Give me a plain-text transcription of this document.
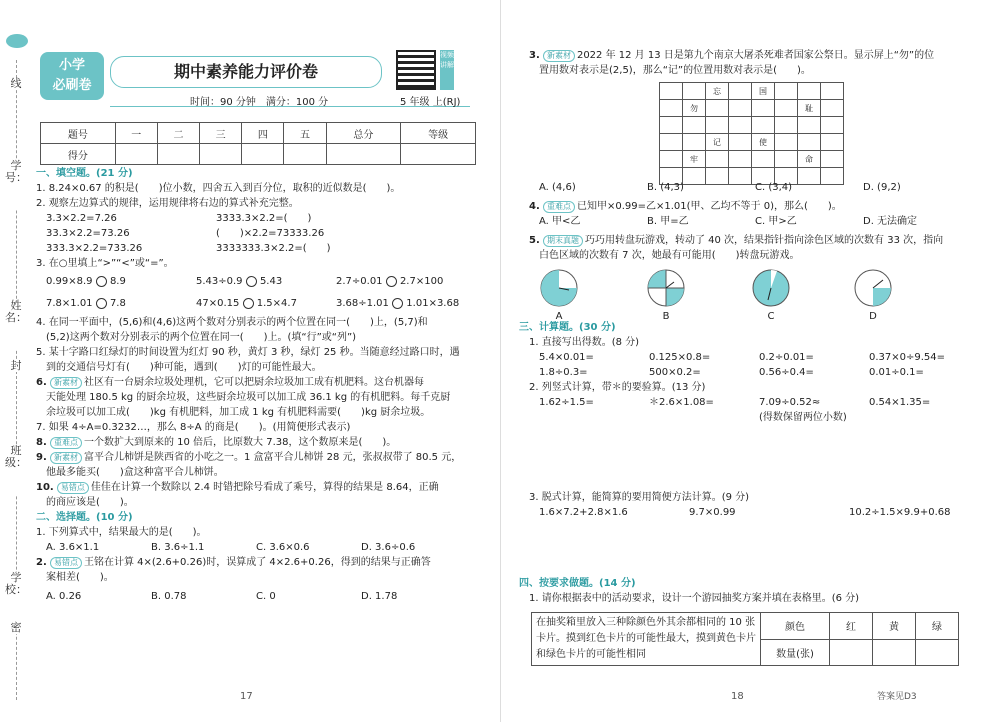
线
学号：
姓名：
封
班级：
学校：
密
小学
必刷卷
期中素养能力评价卷
视频讲解
时间：90 分钟　满分：100 分	5 年级 上(RJ)
题号	一	二	三	四	五	总分	等级
得分							
一、填空题。(21 分)
1. 8.24×0.67 的积是(　　)位小数，四舍五入到百分位，取积的近似数是(　　)。
2. 观察左边算式的规律，运用规律将右边的算式补充完整。
3.3×2.2=7.26	3333.3×2.2=(　　)
33.3×2.2=73.26	(　　)×2.2=73333.26
333.3×2.2=733.26	3333333.3×2.2=(　　)
3. 在○里填上“>”“<”或“=”。
0.99×8.9 8.9	5.43÷0.9 5.43	2.7÷0.01 2.7×100
7.8×1.01 7.8	47×0.15 1.5×4.7	3.68÷1.01 1.01×3.68
4. 在同一平面中，(5,6)和(4,6)这两个数对分别表示的两个位置在同一(　　)上，(5,7)和
(5,2)这两个数对分别表示的两个位置在同一(　　)上。(填“行”或“列”)
5. 某十字路口红绿灯的时间设置为红灯 90 秒，黄灯 3 秒，绿灯 25 秒。当随意经过路口时，遇
到的交通信号灯有(　　)种可能，遇到(　　)灯的可能性最大。
6. 新素材 社区有一台厨余垃圾处理机，它可以把厨余垃圾加工成有机肥料。这台机器每
天能处理 180.5 kg 的厨余垃圾，这些厨余垃圾可以加工成 36.1 kg 的有机肥料。每千克厨
余垃圾可以加工成(　　)kg 有机肥料，加工成 1 kg 有机肥料需要(　　)kg 厨余垃圾。
7. 如果 4÷A=0.3232…，那么 8÷A 的商是(　　)。(用简便形式表示)
8. 重难点 一个数扩大到原来的 10 倍后，比原数大 7.38，这个数原来是(　　)。
9. 新素材 富平合儿柿饼是陕西省的小吃之一。1 盒富平合儿柿饼 28 元，张叔叔带了 80.5 元，
他最多能买(　　)盒这种富平合儿柿饼。
10. 易错点 佳佳在计算一个数除以 2.4 时错把除号看成了乘号，算得的结果是 8.64，正确
的商应该是(　　)。
二、选择题。(10 分)
1. 下列算式中，结果最大的是(　　)。
A. 3.6×1.1	B. 3.6÷1.1	C. 3.6×0.6	D. 3.6÷0.6
2. 易错点 王铭在计算 4×(2.6+0.26)时，误算成了 4×2.6+0.26，得到的结果与正确答
案相差(　　)。
A. 0.26	B. 0.78	C. 0	D. 1.78
17
3. 新素材 2022 年 12 月 13 日是第九个南京大屠杀死难者国家公祭日。显示屏上“勿”的位
置用数对表示是(2,5)，那么“记”的位置用数对表示是(　　)。
		忘		国			
	勿					耻	

		记		使			
	牢					命	

A. (4,6)	B. (4,3)	C. (3,4)	D. (9,2)
4. 重难点 已知甲×0.99=乙×1.01(甲、乙均不等于 0)，那么(　　)。
A. 甲<乙	B. 甲=乙	C. 甲>乙	D. 无法确定
5. 期末真题 巧巧用转盘玩游戏，转动了 40 次，结果指针指向涂色区域的次数有 33 次，指向
白色区域的次数有 7 次，她最有可能用(　　)转盘玩游戏。
A	B	C	D
三、计算题。(30 分)
1. 直接写出得数。(8 分)
5.4×0.01=	0.125×0.8=	0.2÷0.01=	0.37×0÷9.54=
1.8÷0.3=	500×0.2=	0.56÷0.4=	0.01÷0.1=
2. 列竖式计算，带＊的要验算。(13 分)
1.62÷1.5=	＊2.6×1.08=	7.09÷0.52≈	0.54×1.35=
(得数保留两位小数)
3. 脱式计算，能简算的要用简便方法计算。(9 分)
1.6×7.2+2.8×1.6	9.7×0.99	10.2÷1.5×9.9+0.68
四、按要求做题。(14 分)
1. 请你根据表中的活动要求，设计一个游园抽奖方案并填在表格里。(6 分)
在抽奖箱里放入三种除颜色外其余都相同的 10 张
卡片。摸到红色卡片的可能性最大，摸到黄色卡片
和绿色卡片的可能性相同	颜色	红	黄	绿
	数量(张)			
18	答案见D3
